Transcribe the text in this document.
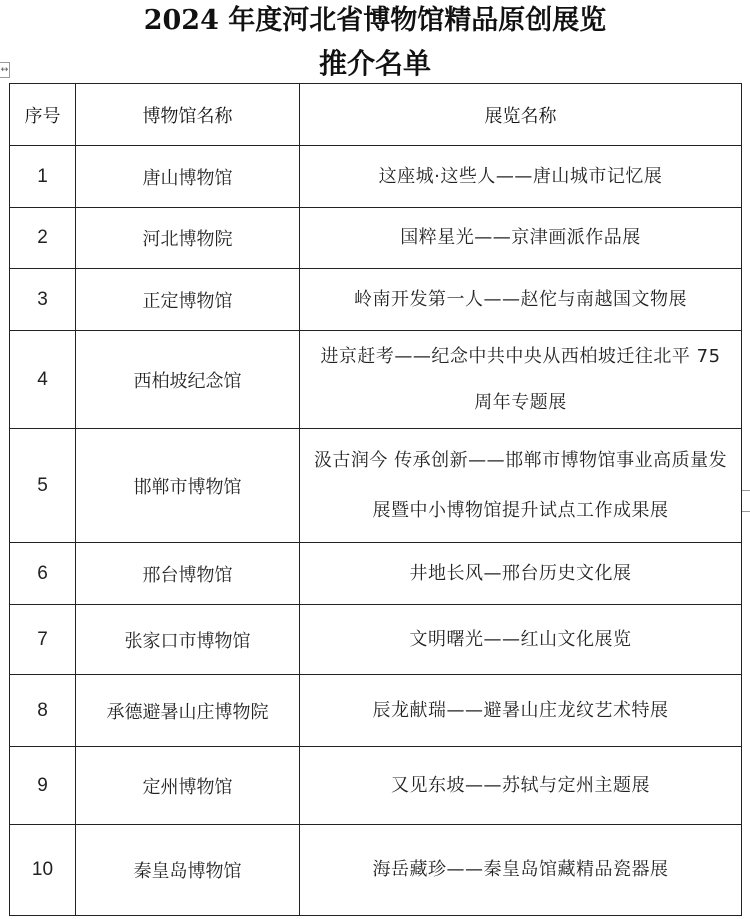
2024 年度河北省博物馆精品原创展览
推介名单
↔
序号	博物馆名称	展览名称
1	唐山博物馆	这座城·这些人——唐山城市记忆展

2	河北博物院	国粹星光——京津画派作品展

3	正定博物馆	岭南开发第一人——赵佗与南越国文物展

4	西柏坡纪念馆	进京赶考——纪念中共中央从西柏坡迁往北平 75 周年专题展

5	邯郸市博物馆	汲古润今 传承创新——邯郸市博物馆事业高质量发展暨中小博物馆提升试点工作成果展

6	邢台博物馆	井地长风—邢台历史文化展

7	张家口市博物馆	文明曙光——红山文化展览

8	承德避暑山庄博物院	辰龙献瑞——避暑山庄龙纹艺术特展

9	定州博物馆	又见东坡——苏轼与定州主题展

10	秦皇岛博物馆	海岳藏珍——秦皇岛馆藏精品瓷器展
